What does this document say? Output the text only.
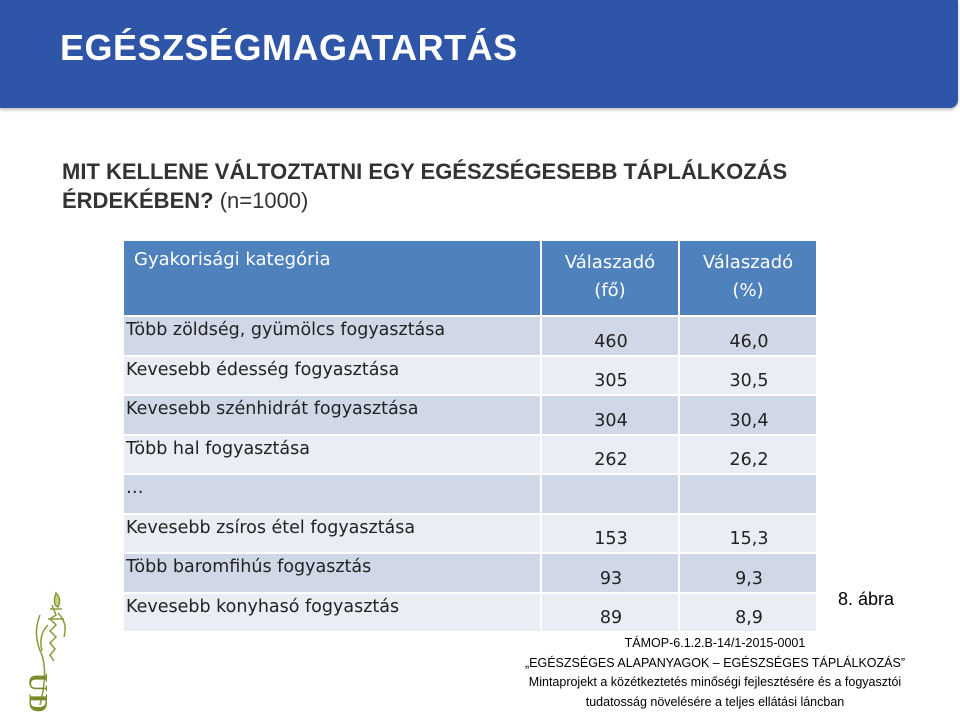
EGÉSZSÉGMAGATARTÁS
MIT KELLENE VÁLTOZTATNI EGY EGÉSZSÉGESEBB TÁPLÁLKOZÁS ÉRDEKÉBEN? (n=1000)
Gyakorisági kategória	Válaszadó (fő)	Válaszadó (%)
Több zöldség, gyümölcs fogyasztása	460	46,0
Kevesebb édesség fogyasztása	305	30,5
Kevesebb szénhidrát fogyasztása	304	30,4
Több hal fogyasztása	262	26,2
…		
Kevesebb zsíros étel fogyasztása	153	15,3
Több baromfihús fogyasztás	93	9,3
Kevesebb konyhasó fogyasztás	89	8,9
8. ábra
UD
TÁMOP-6.1.2.B-14/1-2015-0001
„EGÉSZSÉGES ALAPANYAGOK – EGÉSZSÉGES TÁPLÁLKOZÁS”
Mintaprojekt a közétkeztetés minőségi fejlesztésére és a fogyasztói
tudatosság növelésére a teljes ellátási láncban
